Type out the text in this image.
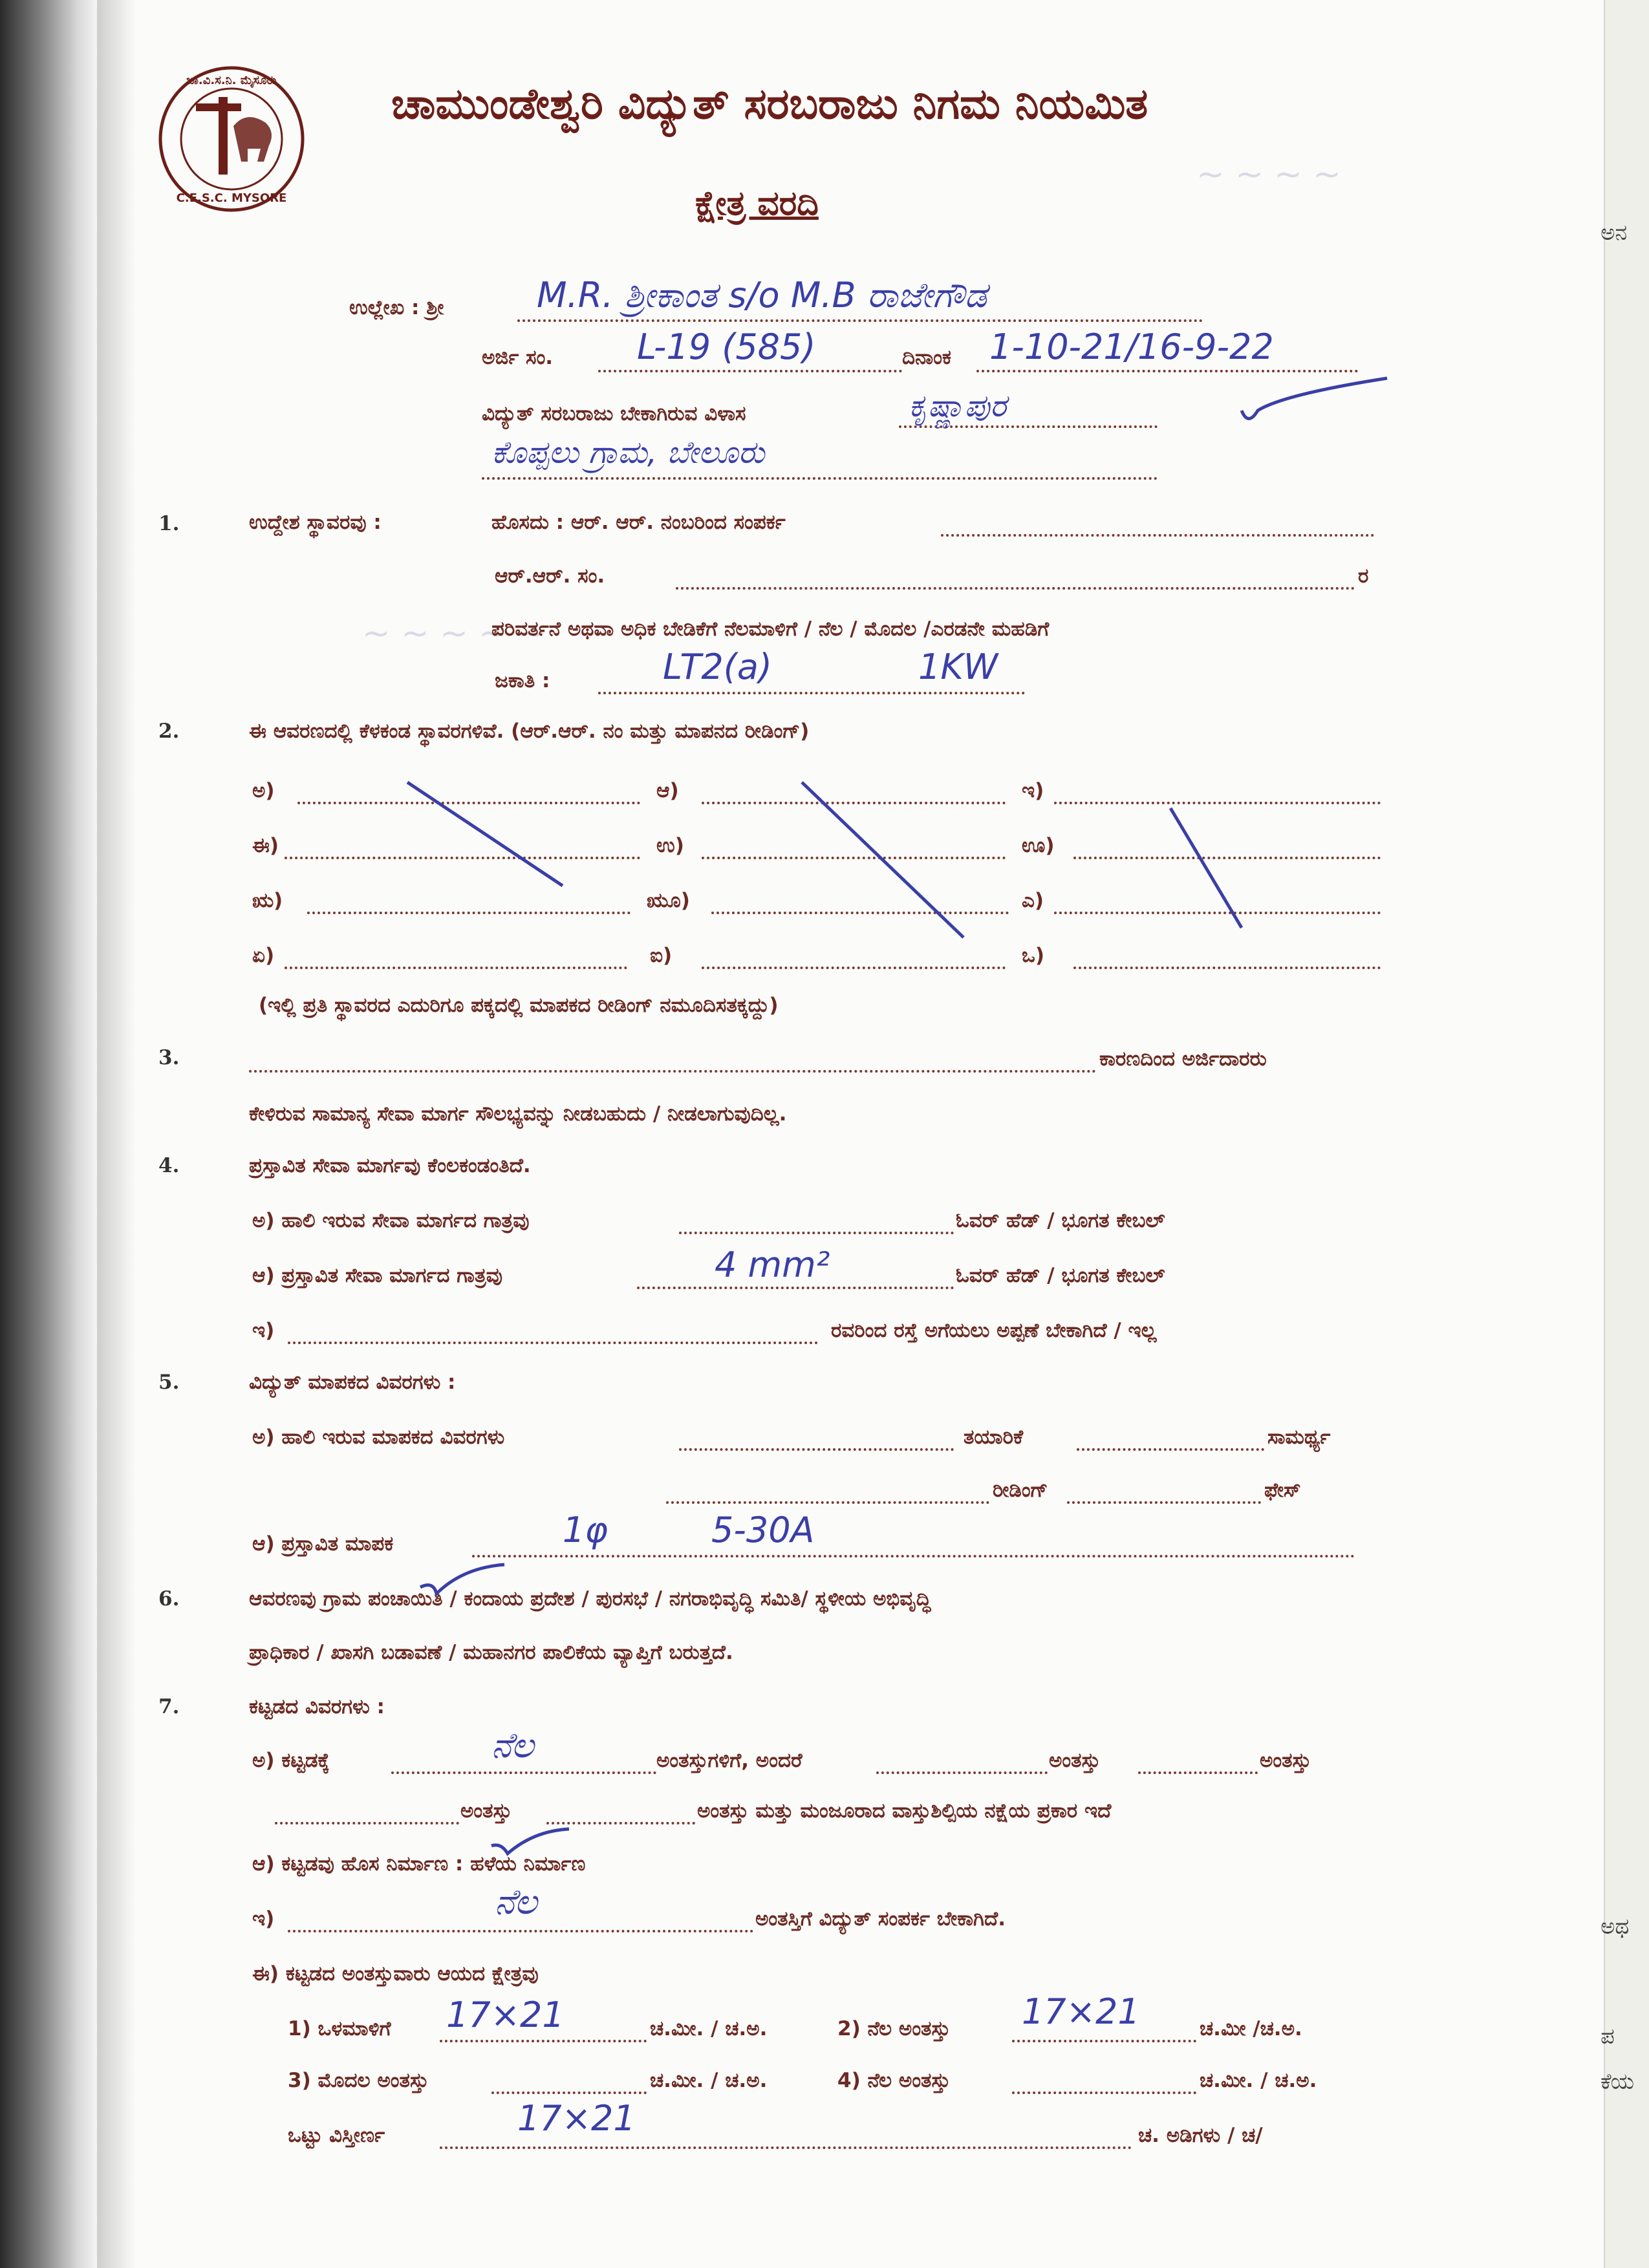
ಅನ
ಅಥ
ಪ
ಕೆಯ
~ ~ ~ ~
~ ~ ~ ~ ~
ಚಾ.ವಿ.ಸ.ನಿ. ಮೈಸೂರು
C.E.S.C. MYSORE
ಚಾಮುಂಡೇಶ್ವರಿ ವಿದ್ಯುತ್ ಸರಬರಾಜು ನಿಗಮ ನಿಯಮಿತ
ಕ್ಷೇತ್ರ ವರದಿ
ಉಲ್ಲೇಖ : ಶ್ರೀ	M.R. ಶ್ರೀಕಾಂತ s/o M.B ರಾಜೇಗೌಡ
ಅರ್ಜಿ ಸಂ. L-19 (585)	ದಿನಾಂಕ 1-10-21/16-9-22
ವಿದ್ಯುತ್ ಸರಬರಾಜು ಬೇಕಾಗಿರುವ ವಿಳಾಸ	ಕೃಷ್ಣಾಪುರ
ಕೊಪ್ಪಲು ಗ್ರಾಮ, ಬೇಲೂರು
1.	ಉದ್ದೇಶ ಸ್ಥಾವರವು :	ಹೊಸದು : ಆರ್. ಆರ್. ನಂಬರಿಂದ ಸಂಪರ್ಕ
ಆರ್.ಆರ್. ಸಂ.	ರ
ಪರಿವರ್ತನೆ ಅಥವಾ ಅಧಿಕ ಬೇಡಿಕೆಗೆ ನೆಲಮಾಳಿಗೆ / ನೆಲ / ಮೊದಲ /ಎರಡನೇ ಮಹಡಿಗೆ
ಜಕಾತಿ :	LT2(a)	1KW
2.	ಈ ಆವರಣದಲ್ಲಿ ಕೆಳಕಂಡ ಸ್ಥಾವರಗಳಿವೆ. (ಆರ್.ಆರ್. ನಂ ಮತ್ತು ಮಾಪನದ ರೀಡಿಂಗ್)
ಅ)	ಆ)	ಇ)
ಈ)	ಉ)	ಊ)
ಋ)	ಋೂ)	ಎ)
ಏ)	ಐ)	ಒ)
(ಇಲ್ಲಿ ಪ್ರತಿ ಸ್ಥಾವರದ ಎದುರಿಗೂ ಪಕ್ಕದಲ್ಲಿ ಮಾಪಕದ ರೀಡಿಂಗ್ ನಮೂದಿಸತಕ್ಕದ್ದು)
3.	ಕಾರಣದಿಂದ ಅರ್ಜಿದಾರರು
ಕೇಳಿರುವ ಸಾಮಾನ್ಯ ಸೇವಾ ಮಾರ್ಗ ಸೌಲಭ್ಯವನ್ನು ನೀಡಬಹುದು / ನೀಡಲಾಗುವುದಿಲ್ಲ.
4.	ಪ್ರಸ್ತಾವಿತ ಸೇವಾ ಮಾರ್ಗವು ಕೆಂಲಕಂಡಂತಿದೆ.
ಅ) ಹಾಲಿ ಇರುವ ಸೇವಾ ಮಾರ್ಗದ ಗಾತ್ರವು	ಓವರ್ ಹೆಡ್ / ಭೂಗತ ಕೇಬಲ್
ಆ) ಪ್ರಸ್ತಾವಿತ ಸೇವಾ ಮಾರ್ಗದ ಗಾತ್ರವು	4 mm²	ಓವರ್ ಹೆಡ್ / ಭೂಗತ ಕೇಬಲ್
ಇ)	ರವರಿಂದ ರಸ್ತೆ ಅಗೆಯಲು ಅಪ್ಪಣೆ ಬೇಕಾಗಿದೆ / ಇಲ್ಲ
5.	ವಿದ್ಯುತ್ ಮಾಪಕದ ವಿವರಗಳು :
ಅ) ಹಾಲಿ ಇರುವ ಮಾಪಕದ ವಿವರಗಳು	ತಯಾರಿಕೆ	ಸಾಮರ್ಥ್ಯ
ರೀಡಿಂಗ್	ಫೇಸ್
ಆ) ಪ್ರಸ್ತಾವಿತ ಮಾಪಕ	1φ	5-30A
6.	ಆವರಣವು ಗ್ರಾಮ ಪಂಚಾಯಿತಿ / ಕಂದಾಯ ಪ್ರದೇಶ / ಪುರಸಭೆ / ನಗರಾಭಿವೃದ್ಧಿ ಸಮಿತಿ/ ಸ್ಥಳೀಯ ಅಭಿವೃದ್ಧಿ
ಪ್ರಾಧಿಕಾರ / ಖಾಸಗಿ ಬಡಾವಣೆ / ಮಹಾನಗರ ಪಾಲಿಕೆಯ ವ್ಯಾಪ್ತಿಗೆ ಬರುತ್ತದೆ.
7.	ಕಟ್ಟಡದ ವಿವರಗಳು :
ಅ) ಕಟ್ಟಡಕ್ಕೆ	ನೆಲ	ಅಂತಸ್ತುಗಳಿಗೆ, ಅಂದರೆ	ಅಂತಸ್ತು	ಅಂತಸ್ತು
ಅಂತಸ್ತು	ಅಂತಸ್ತು ಮತ್ತು ಮಂಜೂರಾದ ವಾಸ್ತುಶಿಲ್ಪಿಯ ನಕ್ಷೆಯ ಪ್ರಕಾರ ಇದೆ
ಆ) ಕಟ್ಟಡವು ಹೊಸ ನಿರ್ಮಾಣ : ಹಳೆಯ ನಿರ್ಮಾಣ
ಇ)	ನೆಲ	ಅಂತಸ್ತಿಗೆ ವಿದ್ಯುತ್ ಸಂಪರ್ಕ ಬೇಕಾಗಿದೆ.
ಈ) ಕಟ್ಟಡದ ಅಂತಸ್ತುವಾರು ಆಯದ ಕ್ಷೇತ್ರವು
1) ಒಳಮಾಳಿಗೆ 17×21	ಚ.ಮೀ. / ಚ.ಅ.	2) ನೆಲ ಅಂತಸ್ತು 17×21	ಚ.ಮೀ /ಚ.ಅ.
3) ಮೊದಲ ಅಂತಸ್ತು	ಚ.ಮೀ. / ಚ.ಅ.	4) ನೆಲ ಅಂತಸ್ತು	ಚ.ಮೀ. / ಚ.ಅ.
ಒಟ್ಟು ವಿಸ್ತೀರ್ಣ	17×21	ಚ. ಅಡಿಗಳು / ಚ/
